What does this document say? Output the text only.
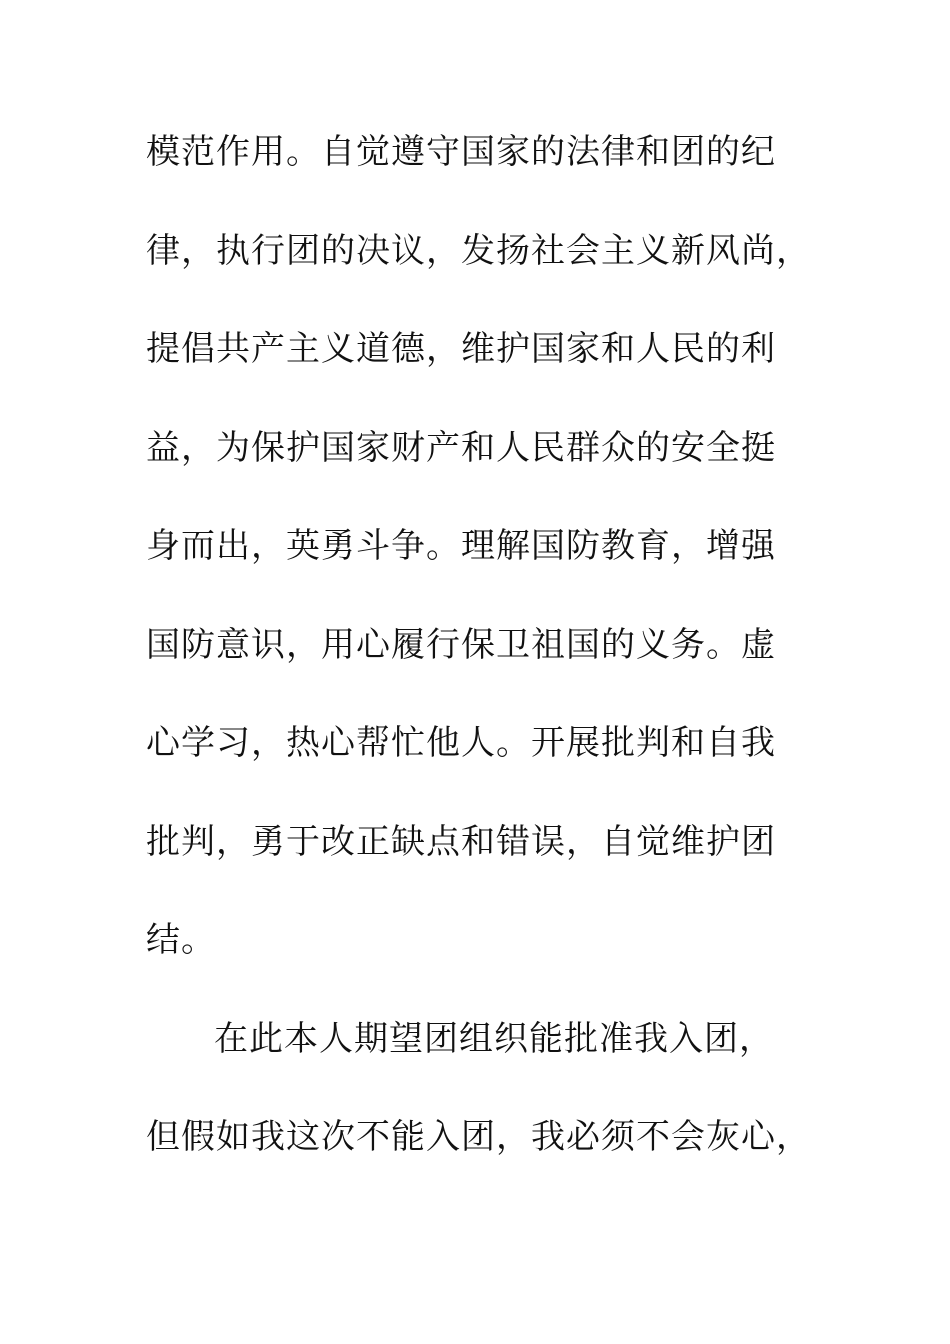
模范作用。自觉遵守国家的法律和团的纪
律，执行团的决议，发扬社会主义新风尚，
提倡共产主义道德，维护国家和人民的利
益，为保护国家财产和人民群众的安全挺
身而出，英勇斗争。理解国防教育，增强
国防意识，用心履行保卫祖国的义务。虚
心学习，热心帮忙他人。开展批判和自我
批判，勇于改正缺点和错误，自觉维护团
结。
在此本人期望团组织能批准我入团，
但假如我这次不能入团，我必须不会灰心，
